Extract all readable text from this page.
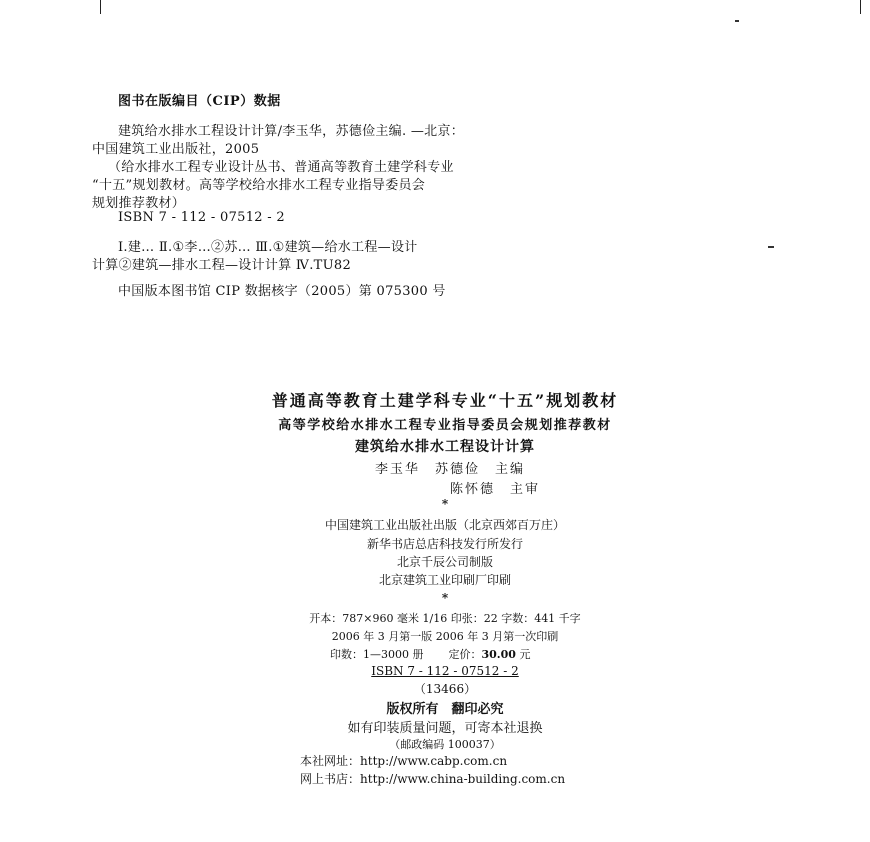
图书在版编目（CIP）数据
建筑给水排水工程设计计算/李玉华，苏德俭主编. —北京：
中国建筑工业出版社，2005
（给水排水工程专业设计丛书、普通高等教育土建学科专业
“十五”规划教材。高等学校给水排水工程专业指导委员会
规划推荐教材）
ISBN 7 - 112 - 07512 - 2
Ⅰ.建… Ⅱ.①李…②苏… Ⅲ.①建筑—给水工程—设计
计算②建筑—排水工程—设计计算 Ⅳ.TU82
中国版本图书馆 CIP 数据核字（2005）第 075300 号
普通高等教育土建学科专业“十五”规划教材
高等学校给水排水工程专业指导委员会规划推荐教材
建筑给水排水工程设计计算
李玉华　苏德俭　主编
陈怀德　主审
*
中国建筑工业出版社出版（北京西郊百万庄）
新华书店总店科技发行所发行
北京千辰公司制版
北京建筑工业印刷厂印刷
*
开本：787×960 毫米 1/16 印张：22 字数：441 千字
2006 年 3 月第一版 2006 年 3 月第一次印刷
印数：1—3000 册 定价：30.00 元
ISBN 7 - 112 - 07512 - 2
（13466）
版权所有　翻印必究
如有印装质量问题，可寄本社退换
（邮政编码 100037）
本社网址：http://www.cabp.com.cn
网上书店：http://www.china-building.com.cn
